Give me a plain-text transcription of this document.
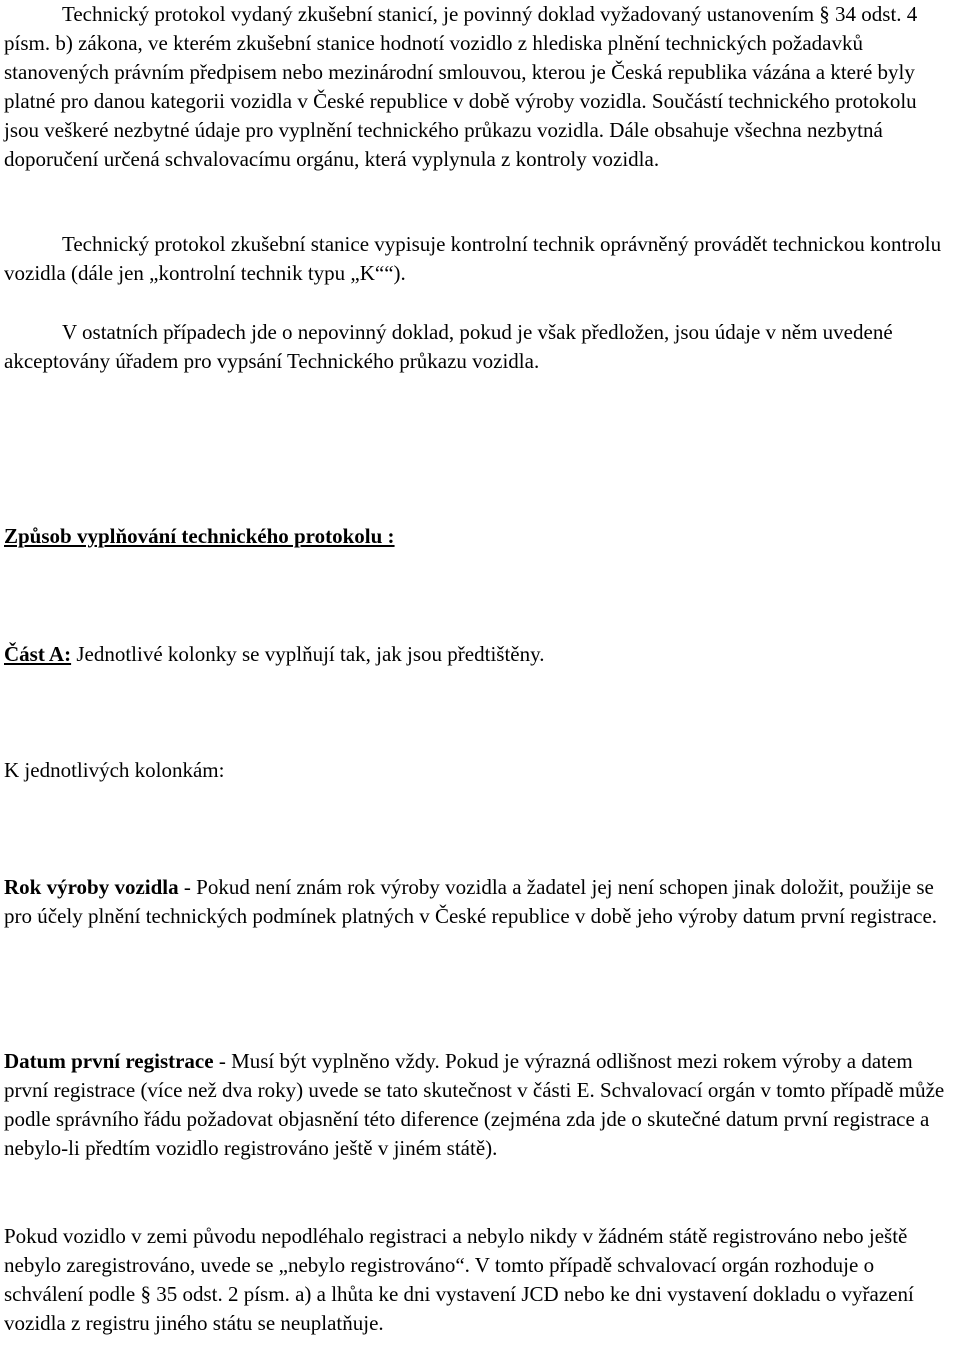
Technický protokol vydaný zkušební stanicí, je povinný doklad vyžadovaný ustanovením § 34 odst. 4 písm. b) zákona, ve kterém zkušební stanice hodnotí vozidlo z hlediska plnění technických požadavků stanovených právním předpisem nebo mezinárodní smlouvou, kterou je Česká republika vázána a které byly platné pro danou kategorii vozidla v České republice v době výroby vozidla. Součástí technického protokolu jsou veškeré nezbytné údaje pro vyplnění technického průkazu vozidla. Dále obsahuje všechna nezbytná doporučení určená schvalovacímu orgánu, která vyplynula z kontroly vozidla.

Technický protokol zkušební stanice vypisuje kontrolní technik oprávněný provádět technickou kontrolu vozidla (dále jen „kontrolní technik typu „K““).

V ostatních případech jde o nepovinný doklad, pokud je však předložen, jsou údaje v něm uvedené akceptovány úřadem pro vypsání Technického průkazu vozidla.

Způsob vyplňování technického protokolu :

Část A: Jednotlivé kolonky se vyplňují tak, jak jsou předtištěny.

K jednotlivých kolonkám:

Rok výroby vozidla - Pokud není znám rok výroby vozidla a žadatel jej není schopen jinak doložit, použije se pro účely plnění technických podmínek platných v České republice v době jeho výroby datum první registrace.

Datum první registrace - Musí být vyplněno vždy. Pokud je výrazná odlišnost mezi rokem výroby a datem první registrace (více než dva roky) uvede se tato skutečnost v části E. Schvalovací orgán v tomto případě může podle správního řádu požadovat objasnění této diference (zejména zda jde o skutečné datum první registrace a nebylo-li předtím vozidlo registrováno ještě v jiném státě).

Pokud vozidlo v zemi původu nepodléhalo registraci a nebylo nikdy v žádném státě registrováno nebo ještě nebylo zaregistrováno, uvede se „nebylo registrováno“. V tomto případě schvalovací orgán rozhoduje o schválení podle § 35 odst. 2 písm. a) a lhůta ke dni vystavení JCD nebo ke dni vystavení dokladu o vyřazení vozidla z registru jiného státu se neuplatňuje.
